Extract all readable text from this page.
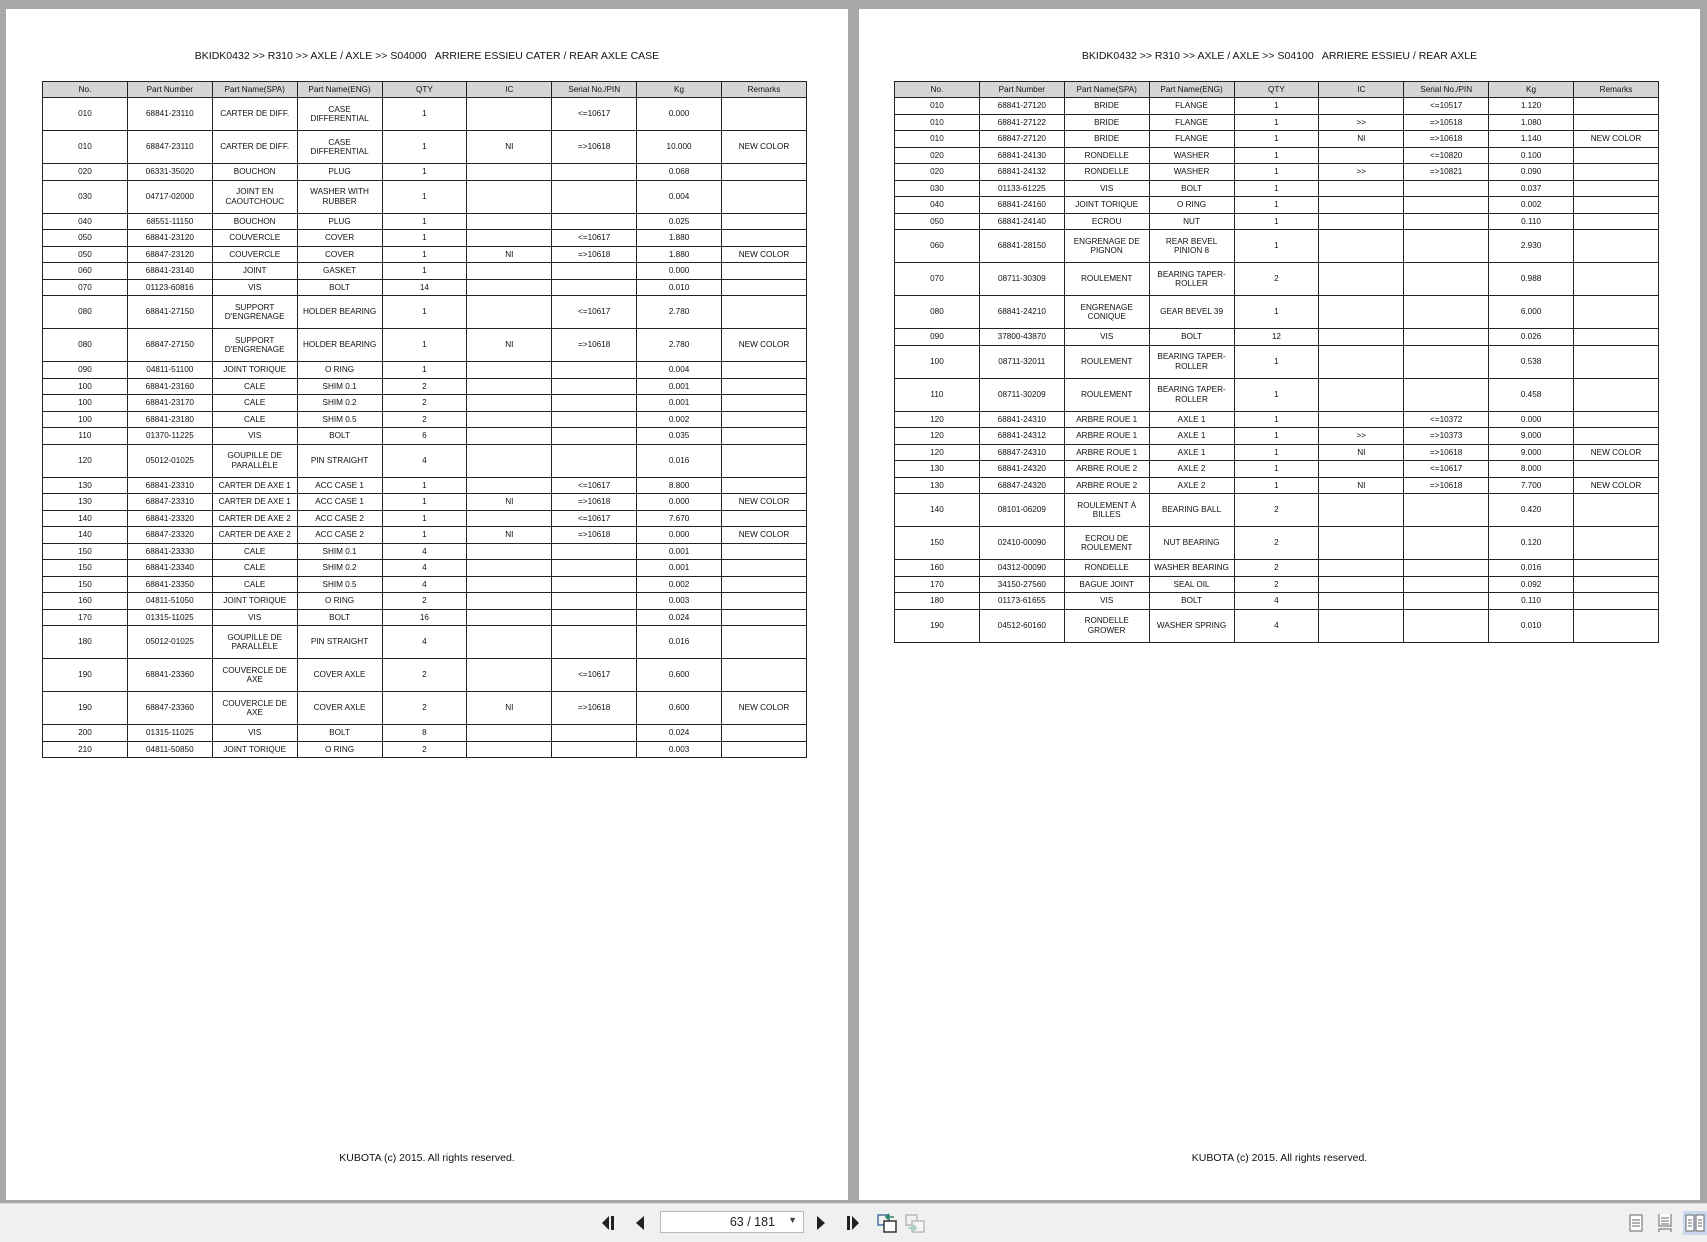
BKIDK0432 >> R310 >> AXLE / AXLE >> S04000   ARRIERE ESSIEU CATER / REAR AXLE CASE
No.	Part Number	Part Name(SPA)	Part Name(ENG)	QTY	IC	Serial No./PIN	Kg	Remarks
010	68841-23110	CARTER DE DIFF.	CASE DIFFERENTIAL	1		<=10617	0.000	
010	68847-23110	CARTER DE DIFF.	CASE DIFFERENTIAL	1	NI	=>10618	10.000	NEW COLOR
020	06331-35020	BOUCHON	PLUG	1			0.068	
030	04717-02000	JOINT EN CAOUTCHOUC	WASHER WITH RUBBER	1			0.004	
040	68551-11150	BOUCHON	PLUG	1			0.025	
050	68841-23120	COUVERCLE	COVER	1		<=10617	1.880	
050	68847-23120	COUVERCLE	COVER	1	NI	=>10618	1.880	NEW COLOR
060	68841-23140	JOINT	GASKET	1			0.000	
070	01123-60816	VIS	BOLT	14			0.010	
080	68841-27150	SUPPORT D'ENGRENAGE	HOLDER BEARING	1		<=10617	2.780	
080	68847-27150	SUPPORT D'ENGRENAGE	HOLDER BEARING	1	NI	=>10618	2.780	NEW COLOR
090	04811-51100	JOINT TORIQUE	O RING	1			0.004	
100	68841-23160	CALE	SHIM 0.1	2			0.001	
100	68841-23170	CALE	SHIM 0.2	2			0.001	
100	68841-23180	CALE	SHIM 0.5	2			0.002	
110	01370-11225	VIS	BOLT	6			0.035	
120	05012-01025	GOUPILLE DE PARALLÈLE	PIN STRAIGHT	4			0.016	
130	68841-23310	CARTER DE AXE 1	ACC CASE 1	1		<=10617	8.800	
130	68847-23310	CARTER DE AXE 1	ACC CASE 1	1	NI	=>10618	0.000	NEW COLOR
140	68841-23320	CARTER DE AXE 2	ACC CASE 2	1		<=10617	7.670	
140	68847-23320	CARTER DE AXE 2	ACC CASE 2	1	NI	=>10618	0.000	NEW COLOR
150	68841-23330	CALE	SHIM 0.1	4			0.001	
150	68841-23340	CALE	SHIM 0.2	4			0.001	
150	68841-23350	CALE	SHIM 0.5	4			0.002	
160	04811-51050	JOINT TORIQUE	O RING	2			0.003	
170	01315-11025	VIS	BOLT	16			0.024	
180	05012-01025	GOUPILLE DE PARALLÈLE	PIN STRAIGHT	4			0.016	
190	68841-23360	COUVERCLE DE AXE	COVER AXLE	2		<=10617	0.600	
190	68847-23360	COUVERCLE DE AXE	COVER AXLE	2	NI	=>10618	0.600	NEW COLOR
200	01315-11025	VIS	BOLT	8			0.024	
210	04811-50850	JOINT TORIQUE	O RING	2			0.003	
KUBOTA (c) 2015. All rights reserved.
BKIDK0432 >> R310 >> AXLE / AXLE >> S04100   ARRIERE ESSIEU / REAR AXLE
No.	Part Number	Part Name(SPA)	Part Name(ENG)	QTY	IC	Serial No./PIN	Kg	Remarks
010	68841-27120	BRIDE	FLANGE	1		<=10517	1.120	
010	68841-27122	BRIDE	FLANGE	1	>>	=>10518	1.080	
010	68847-27120	BRIDE	FLANGE	1	NI	=>10618	1.140	NEW COLOR
020	68841-24130	RONDELLE	WASHER	1		<=10820	0.100	
020	68841-24132	RONDELLE	WASHER	1	>>	=>10821	0.090	
030	01133-61225	VIS	BOLT	1			0.037	
040	68841-24160	JOINT TORIQUE	O RING	1			0.002	
050	68841-24140	ECROU	NUT	1			0.110	
060	68841-28150	ENGRENAGE DE PIGNON	REAR BEVEL PINION 8	1			2.930	
070	08711-30309	ROULEMENT	BEARING TAPER-ROLLER	2			0.988	
080	68841-24210	ENGRENAGE CONIQUE	GEAR BEVEL 39	1			6.000	
090	37800-43870	VIS	BOLT	12			0.026	
100	08711-32011	ROULEMENT	BEARING TAPER-ROLLER	1			0.538	
110	08711-30209	ROULEMENT	BEARING TAPER-ROLLER	1			0.458	
120	68841-24310	ARBRE ROUE 1	AXLE 1	1		<=10372	0.000	
120	68841-24312	ARBRE ROUE 1	AXLE 1	1	>>	=>10373	9.000	
120	68847-24310	ARBRE ROUE 1	AXLE 1	1	NI	=>10618	9.000	NEW COLOR
130	68841-24320	ARBRE ROUE 2	AXLE 2	1		<=10617	8.000	
130	68847-24320	ARBRE ROUE 2	AXLE 2	1	NI	=>10618	7.700	NEW COLOR
140	08101-06209	ROULEMENT À BILLES	BEARING BALL	2			0.420	
150	02410-00090	ECROU DE ROULEMENT	NUT BEARING	2			0.120	
160	04312-00090	RONDELLE	WASHER BEARING	2			0.016	
170	34150-27560	BAGUE JOINT	SEAL OIL	2			0.092	
180	01173-61655	VIS	BOLT	4			0.110	
190	04512-60160	RONDELLE GROWER	WASHER SPRING	4			0.010	
KUBOTA (c) 2015. All rights reserved.
63 / 181 ▼
